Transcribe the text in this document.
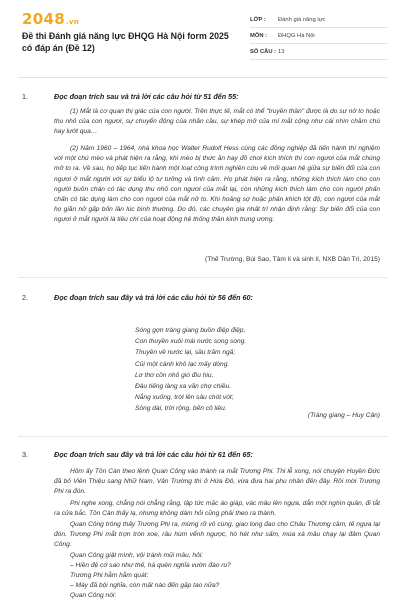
2048.vn
Đề thi Đánh giá năng lực ĐHQG Hà Nội form 2025 có đáp án (Đề 12)
LỚP :	Đánh giá năng lực
MÔN :	ĐHQG Hà Nội
SỐ CÂU : 13
1.	Đọc đoạn trích sau và trả lời các câu hỏi từ 51 đến 55:
(1) Mắt là cơ quan thị giác của con người. Trên thực tế, mắt có thể "truyền thần" được là do sự nở to hoặc thu nhỏ của con ngươi, sự chuyển động của nhãn cầu, sự khép mở của mí mắt cộng như cái nhìn chăm chú hay lướt qua…
(2) Năm 1960 – 1964, nhà khoa học Walter Rudolf Hess cùng các đồng nghiệp đã tiến hành thí nghiệm với một chú mèo và phát hiện ra rằng, khi mèo bị thức ăn hay đồ chơi kích thích thì con ngươi của mắt chúng mở to ra. Về sau, họ tiếp tục tiến hành một loạt công trình nghiên cứu về mối quan hệ giữa sự biến đổi của con ngươi ở mắt người với sự biểu lộ tư tưởng và tình cảm. Họ phát hiện ra rằng, những kích thích làm cho con người buồn chán có tác dụng thu nhỏ con ngươi của mắt lại, còn những kích thích làm cho con người phấn chấn có tác dụng làm cho con ngươi của mắt nở to. Khi hoảng sợ hoặc phấn khích tột độ, con ngươi của mắt họ giãn nở gấp bốn lần lúc bình thường. Do đó, các chuyên gia nhất trí nhận định rằng: Sự biến đổi của con ngươi ở mắt người là tiêu chí của hoạt động hệ thống thần kinh trung ương.
(Thế Trường, Bùi Sao, Tâm lí và sinh lí, NXB Dân Trí, 2015)
2.	Đọc đoạn trích sau đây và trả lời các câu hỏi từ 56 đến 60:
Sóng gợn tràng giang buồn điệp điệp,
Con thuyền xuôi mái nước song song.
Thuyền về nước lại, sầu trăm ngả;
Củi một cành khô lạc mấy dòng.
Lơ thơ cồn nhỏ gió đìu hiu,
Đâu tiếng làng xa vãn chợ chiều.
Nắng xuống, trời lên sâu chót vót;
Sông dài, trời rộng, bến cô liêu.
(Tràng giang – Huy Cận)
3.	Đọc đoạn trích sau đây và trả lời các câu hỏi từ 61 đến 65:
Hôm ấy Tôn Càn theo lệnh Quan Công vào thành ra mắt Trương Phi. Thi lễ xong, nói chuyện Huyền Đức đã bỏ Viên Thiệu sang Nhữ Nam, Vân Trường thì ở Hứa Đô, vừa đưa hai phu nhân đến đây. Rồi mời Trương Phi ra đón.
Phi nghe xong, chẳng nói chẳng rằng, lập tức mặc áo giáp, vác mâu lên ngựa, dẫn một nghìn quân, đi tắt ra cửa bắc. Tôn Càn thấy lạ, nhưng không dám hỏi cũng phải theo ra thành.
Quan Công trông thấy Trương Phi ra, mừng rỡ vô cùng, giao long đao cho Châu Thương cầm, tế ngựa lại đón. Trương Phi mắt trợn tròn xoe, râu hùm vểnh ngược, hò hét như sấm, múa xà mâu chạy lại đâm Quan Công.
Quan Công giật mình, vội tránh mũi mâu, hỏi:
– Hiền đệ cớ sao như thế, há quên nghĩa vườn đào ru?
Trương Phi hằm hằm quát:
– Mày đã bội nghĩa, còn mặt nào đến gặp tao nữa?
Quan Công nói:
